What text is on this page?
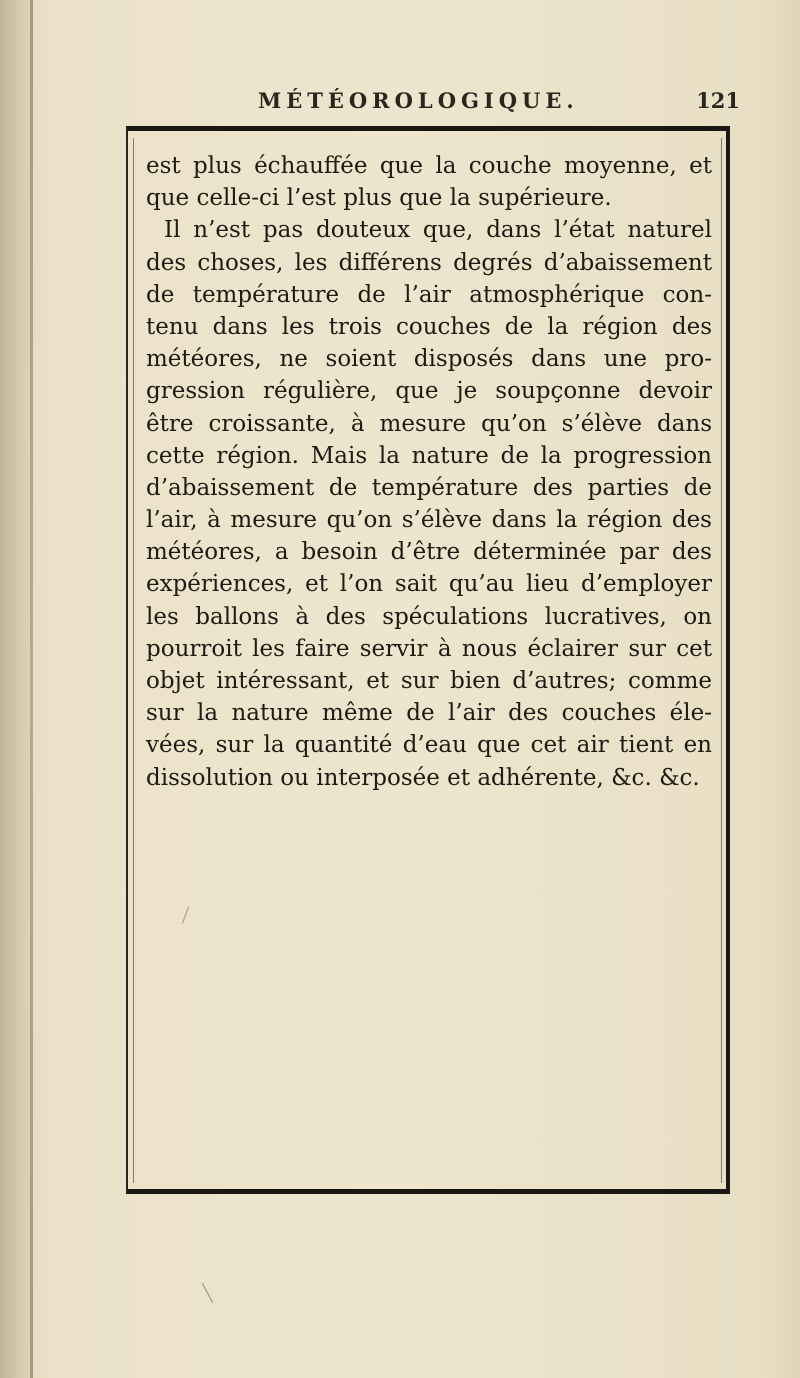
MÉTÉOROLOGIQUE.	121
est plus échauffée que la couche moyenne, et
que celle-ci l’est plus que la supérieure.
Il n’est pas douteux que, dans l’état naturel
des choses, les différens degrés d’abaissement
de température de l’air atmosphérique con-
tenu dans les trois couches de la région des
météores, ne soient disposés dans une pro-
gression régulière, que je soupçonne devoir
être croissante, à mesure qu’on s’élève dans
cette région. Mais la nature de la progression
d’abaissement de température des parties de
l’air, à mesure qu’on s’élève dans la région des
météores, a besoin d’être déterminée par des
expériences, et l’on sait qu’au lieu d’employer
les ballons à des spéculations lucratives, on
pourroit les faire servir à nous éclairer sur cet
objet intéressant, et sur bien d’autres; comme
sur la nature même de l’air des couches éle-
vées, sur la quantité d’eau que cet air tient en
dissolution ou interposée et adhérente, &c. &c.
